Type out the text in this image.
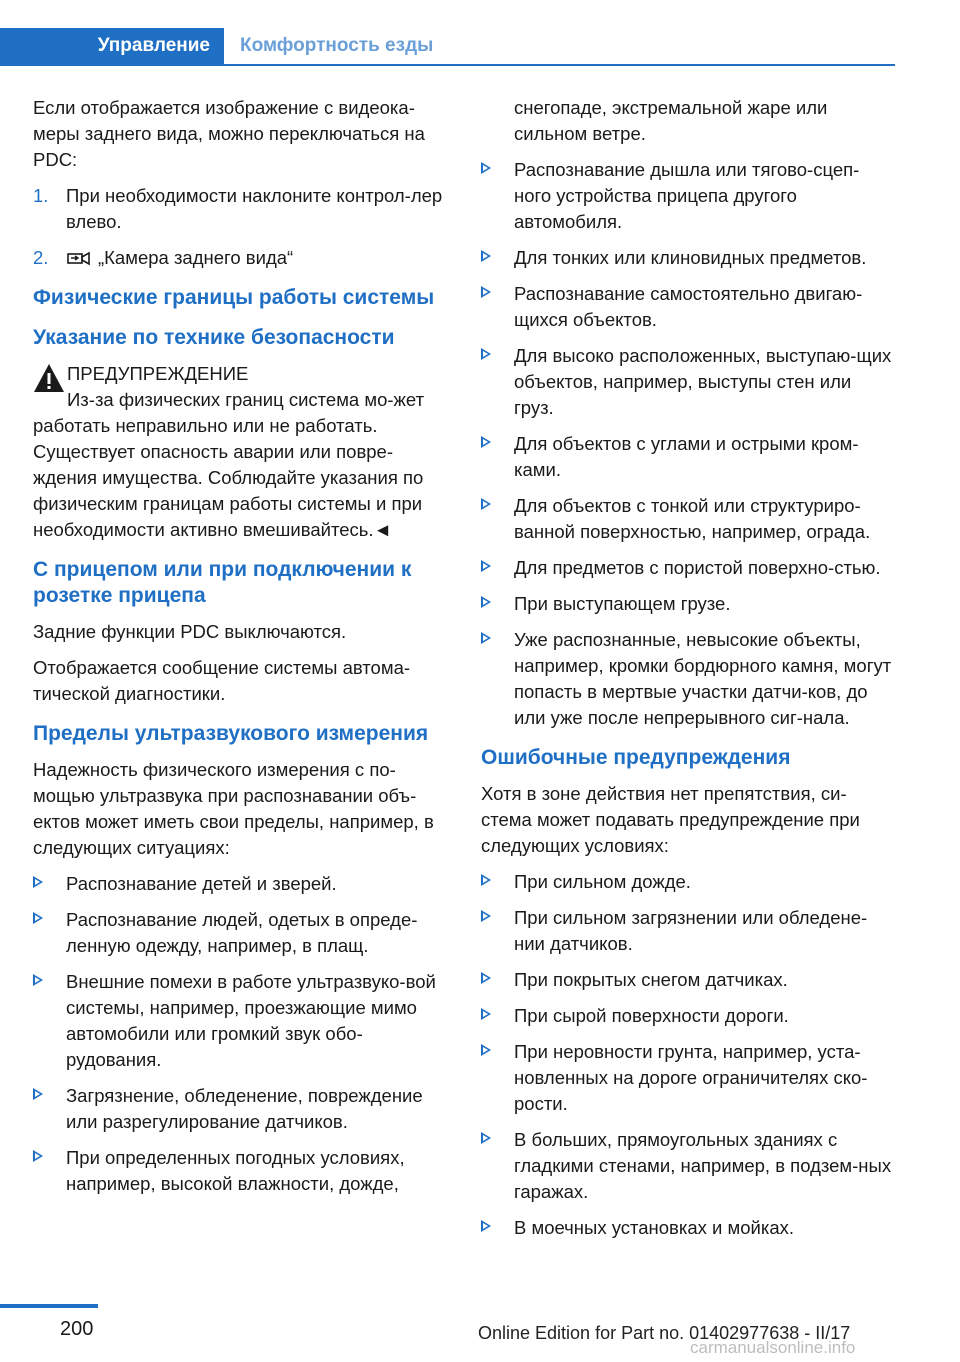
Управление	Комфортность езды

Если отображается изображение с видеока-меры заднего вида, можно переключаться на PDC:

1. При необходимости наклоните контрол-лер влево.
2.	„Камера заднего вида“
Физические границы работы системы
Указание по технике безопасности
ПРЕДУПРЕЖДЕНИЕ
Из-за физических границ система мо-жет работать неправильно или не работать. Существует опасность аварии или повре-ждения имущества. Соблюдайте указания по физическим границам работы системы и при необходимости активно вмешивайтесь.◄
С прицепом или при подключении к розетке прицепа

Задние функции PDC выключаются.

Отображается сообщение системы автома-тической диагностики.

Пределы ультразвукового измерения

Надежность физического измерения с по-мощью ультразвука при распознавании объ-ектов может иметь свои пределы, например, в следующих ситуациях:

Распознавание детей и зверей.
Распознавание людей, одетых в опреде-ленную одежду, например, в плащ.
Внешние помехи в работе ультразвуко-вой системы, например, проезжающие мимо автомобили или громкий звук обо-рудования.
Загрязнение, обледенение, повреждение или разрегулирование датчиков.
При определенных погодных условиях, например, высокой влажности, дожде,

снегопаде, экстремальной жаре или сильном ветре.

Распознавание дышла или тягово-сцеп-ного устройства прицепа другого автомобиля.
Для тонких или клиновидных предметов.
Распознавание самостоятельно двигаю-щихся объектов.
Для высоко расположенных, выступаю-щих объектов, например, выступы стен или груз.
Для объектов с углами и острыми кром-ками.
Для объектов с тонкой или структуриро-ванной поверхностью, например, ограда.
Для предметов с пористой поверхно-стью.
При выступающем грузе.
Уже распознанные, невысокие объекты, например, кромки бордюрного камня, могут попасть в мертвые участки датчи-ков, до или уже после непрерывного сиг-нала.
Ошибочные предупреждения

Хотя в зоне действия нет препятствия, си-стема может подавать предупреждение при следующих условиях:

При сильном дожде.
При сильном загрязнении или обледене-нии датчиков.
При покрытых снегом датчиках.
При сырой поверхности дороги.
При неровности грунта, например, уста-новленных на дороге ограничителях ско-рости.
В больших, прямоугольных зданиях с гладкими стенами, например, в подзем-ных гаражах.
В моечных установках и мойках.
200	Online Edition for Part no. 01402977638 - II/17
carmanualsonline.info
